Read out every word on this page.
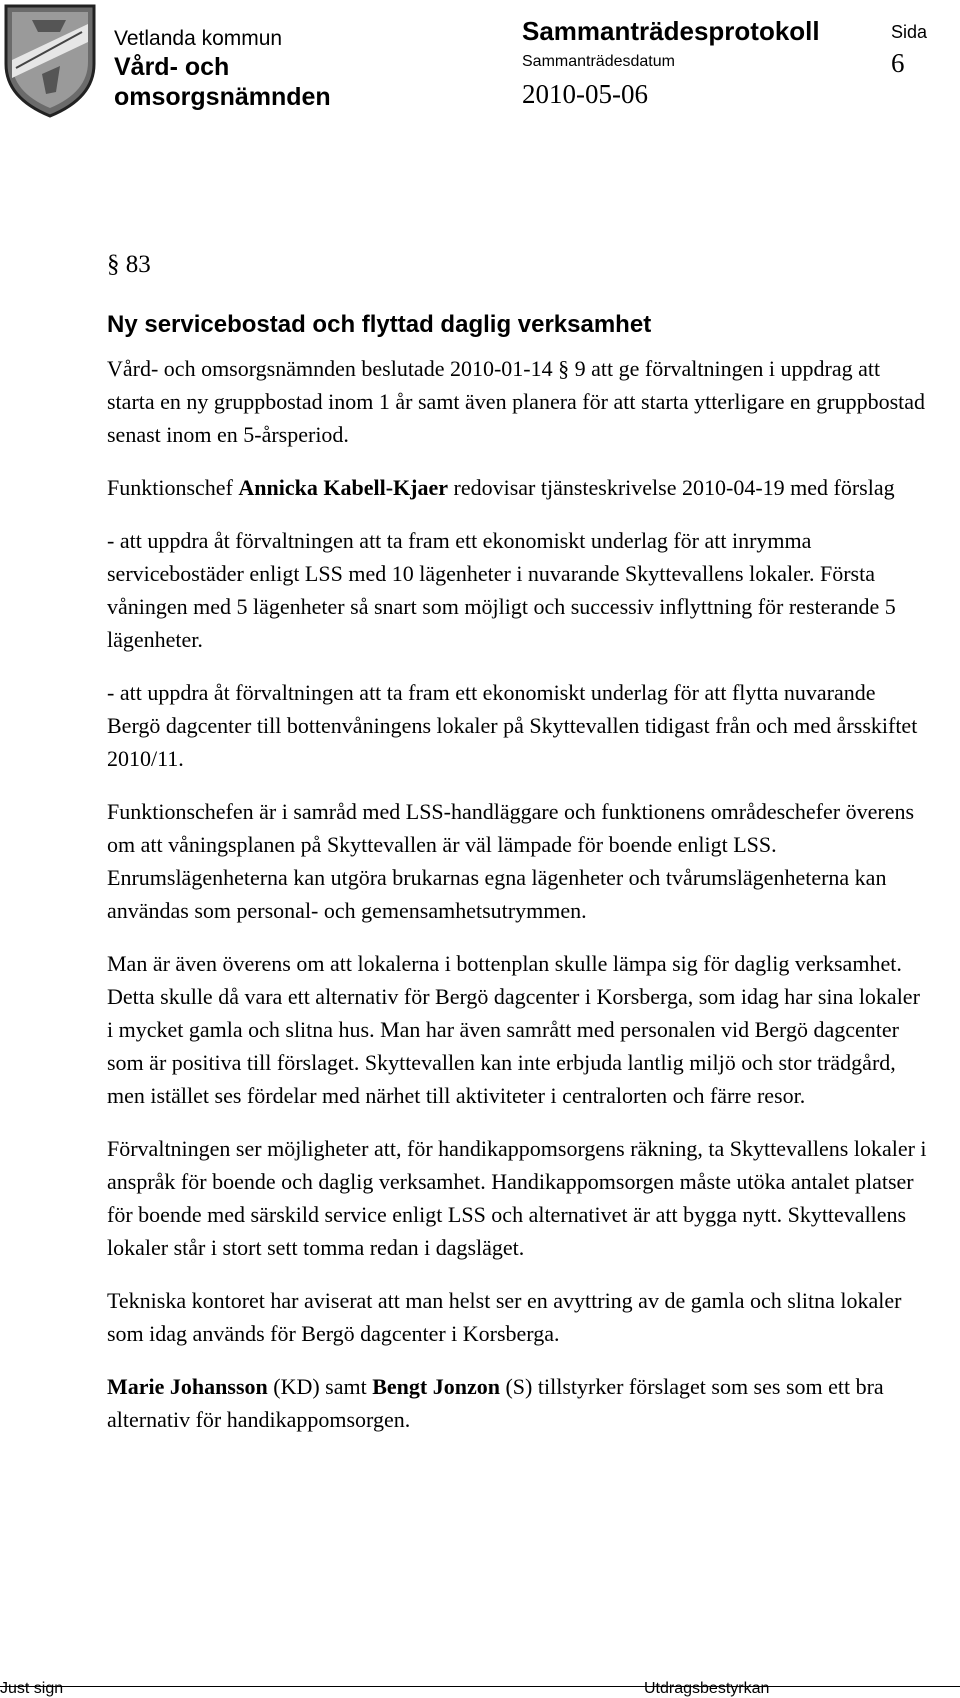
Vetlanda kommun
Vård- och
omsorgsnämnden
Sammanträdesprotokoll
Sammanträdesdatum
2010-05-06
Sida
6
§ 83
Ny servicebostad och flyttad daglig verksamhet

Vård- och omsorgsnämnden beslutade 2010-01-14 § 9 att ge förvaltningen i uppdrag att starta en ny gruppbostad inom 1 år samt även planera för att starta ytterligare en gruppbostad senast inom en 5-årsperiod.

Funktionschef Annicka Kabell-Kjaer redovisar tjänsteskrivelse 2010-04-19 med förslag

- att uppdra åt förvaltningen att ta fram ett ekonomiskt underlag för att inrymma servicebostäder enligt LSS med 10 lägenheter i nuvarande Skyttevallens lokaler. Första våningen med 5 lägenheter så snart som möjligt och successiv inflyttning för resterande 5 lägenheter.

- att uppdra åt förvaltningen att ta fram ett ekonomiskt underlag för att flytta nuvarande Bergö dagcenter till bottenvåningens lokaler på Skyttevallen tidigast från och med årsskiftet 2010/11.

Funktionschefen är i samråd med LSS-handläggare och funktionens områdeschefer överens om att våningsplanen på Skyttevallen är väl lämpade för boende enligt LSS. Enrumslägenheterna kan utgöra brukarnas egna lägenheter och tvårumslägenheterna kan användas som personal- och gemensamhetsutrymmen.

Man är även överens om att lokalerna i bottenplan skulle lämpa sig för daglig verksamhet. Detta skulle då vara ett alternativ för Bergö dagcenter i Korsberga, som idag har sina lokaler i mycket gamla och slitna hus. Man har även samrått med personalen vid Bergö dagcenter som är positiva till förslaget. Skyttevallen kan inte erbjuda lantlig miljö och stor trädgård, men istället ses fördelar med närhet till aktiviteter i centralorten och färre resor.

Förvaltningen ser möjligheter att, för handikappomsorgens räkning, ta Skyttevallens lokaler i anspråk för boende och daglig verksamhet. Handikappomsorgen måste utöka antalet platser för boende med särskild service enligt LSS och alternativet är att bygga nytt. Skyttevallens lokaler står i stort sett tomma redan i dagsläget.

Tekniska kontoret har aviserat att man helst ser en avyttring av de gamla och slitna lokaler som idag används för Bergö dagcenter i Korsberga.

Marie Johansson (KD) samt Bengt Jonzon (S) tillstyrker förslaget som ses som ett bra alternativ för handikappomsorgen.

Just sign	Utdragsbestyrkan
